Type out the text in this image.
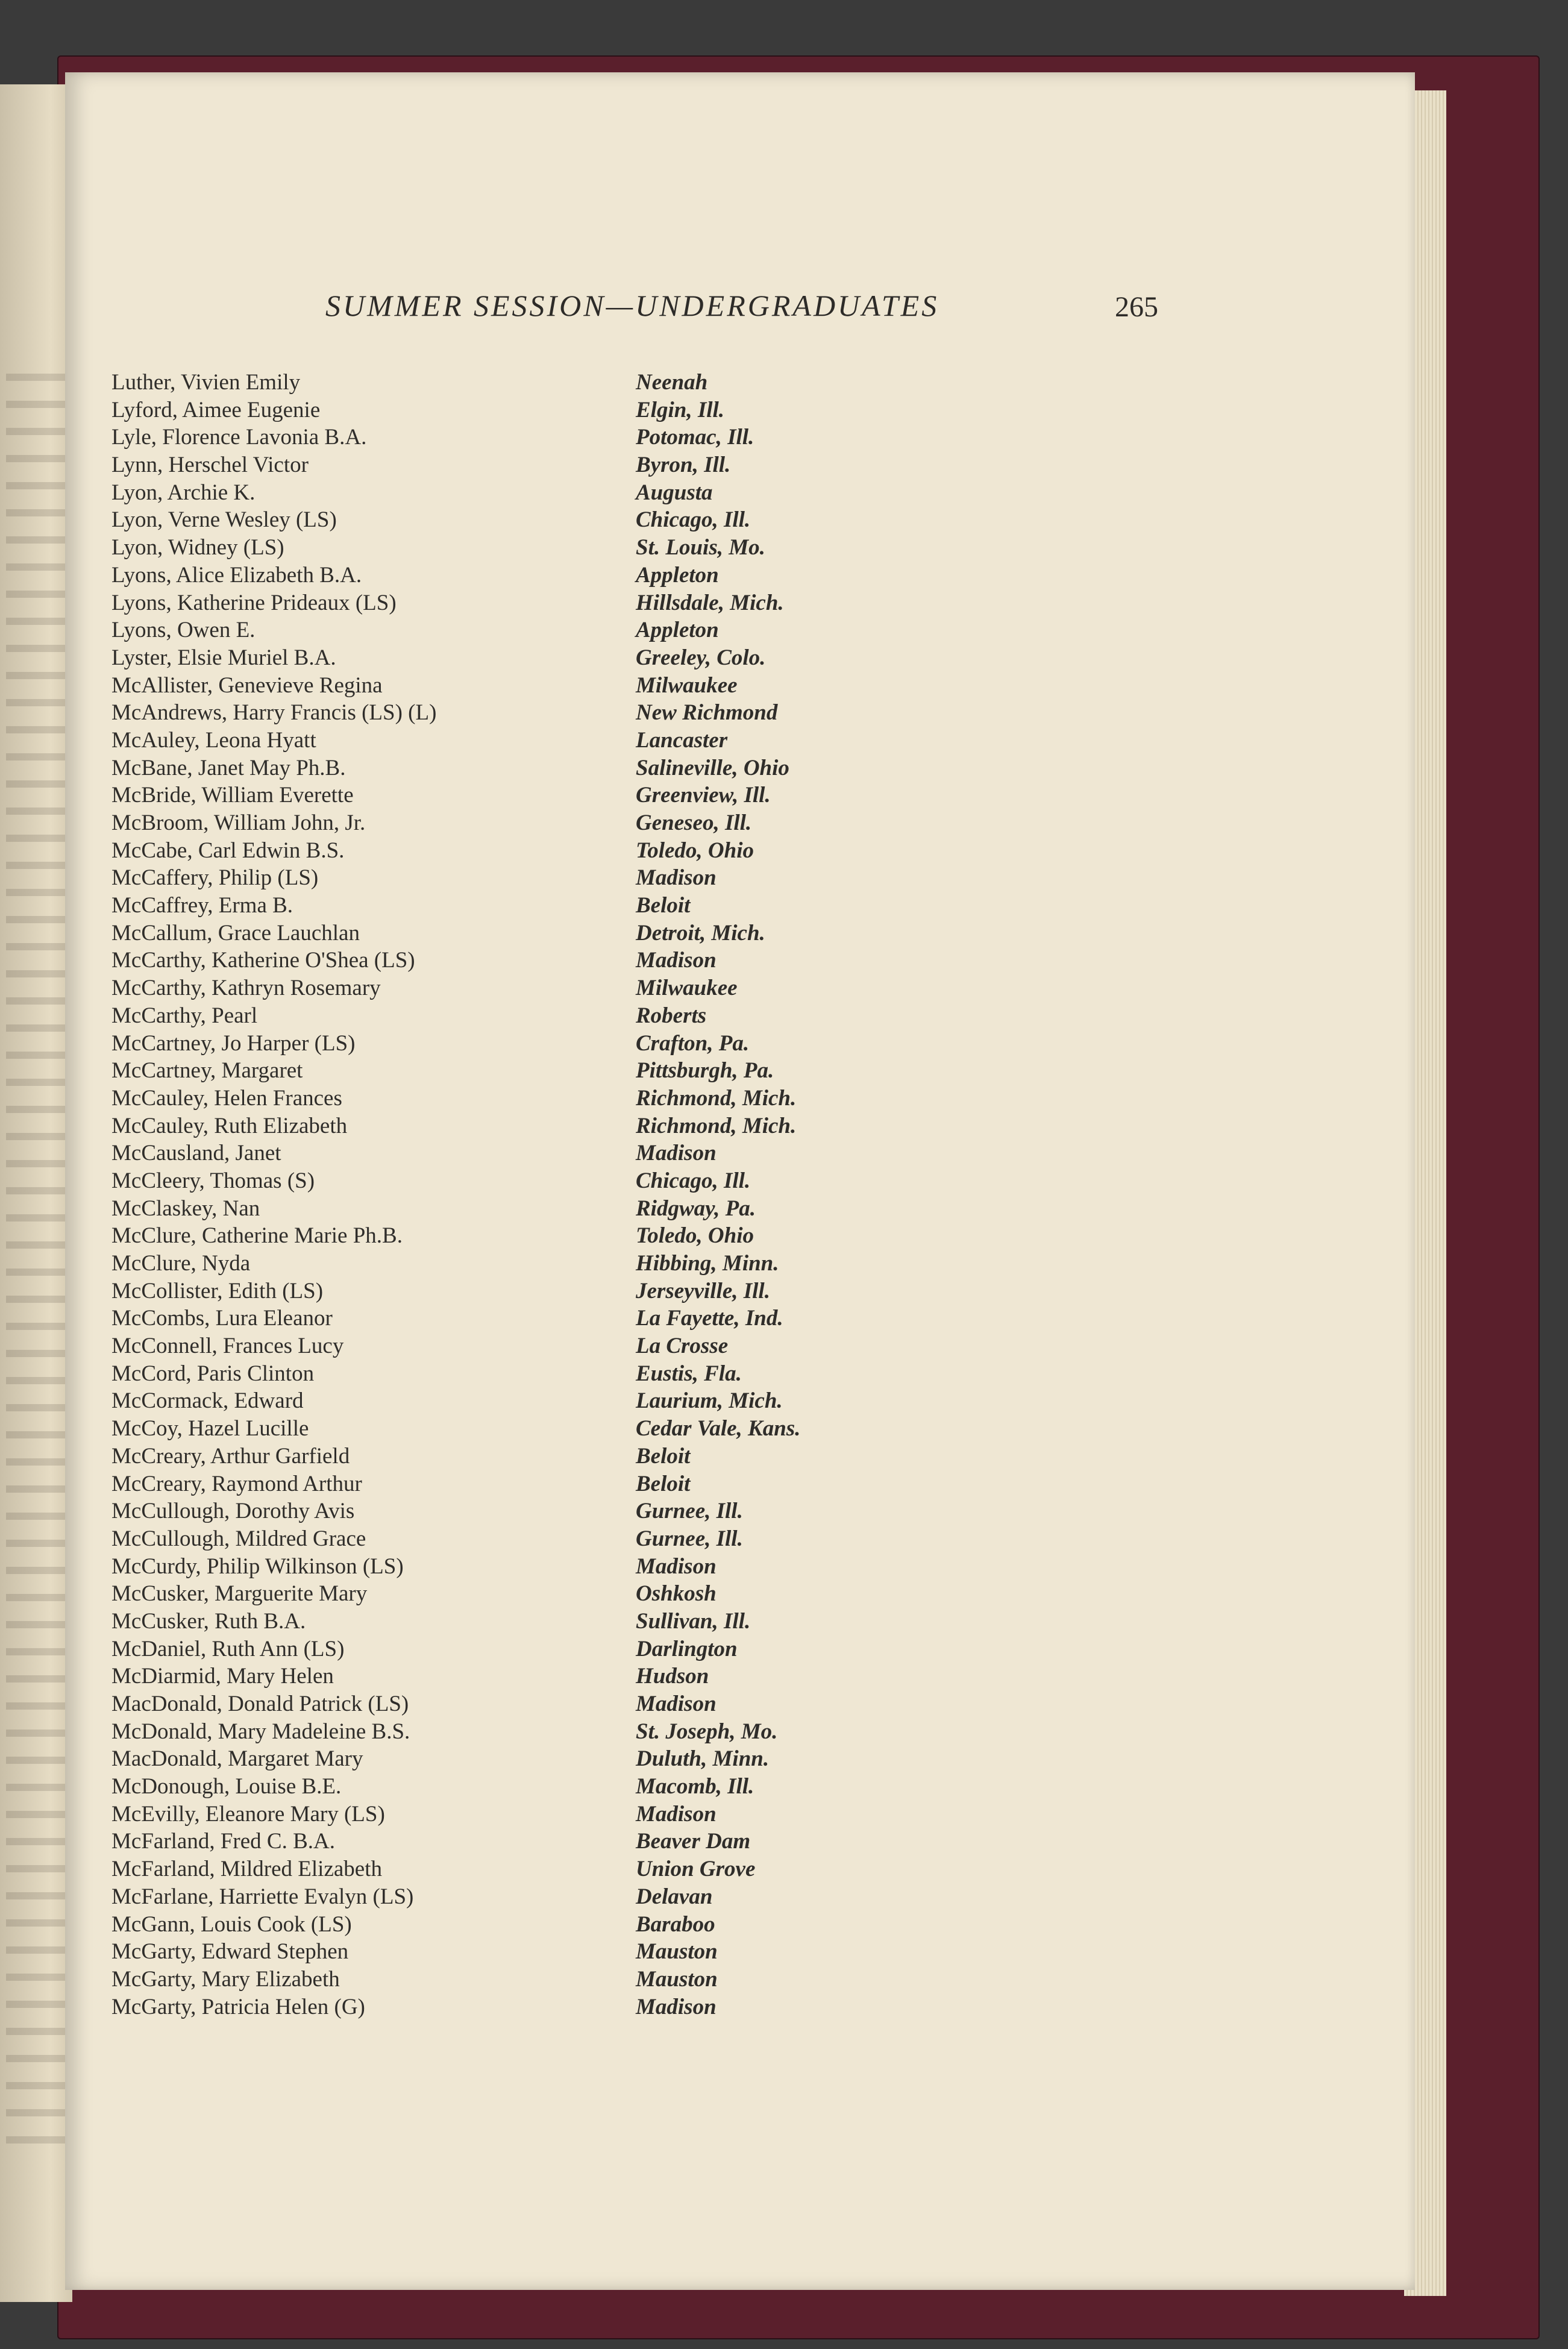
SUMMER SESSION—UNDERGRADUATES	265
Luther, Vivien Emily	Neenah
Lyford, Aimee Eugenie	Elgin, Ill.
Lyle, Florence Lavonia B.A.	Potomac, Ill.
Lynn, Herschel Victor	Byron, Ill.
Lyon, Archie K.	Augusta
Lyon, Verne Wesley (LS)	Chicago, Ill.
Lyon, Widney (LS)	St. Louis, Mo.
Lyons, Alice Elizabeth B.A.	Appleton
Lyons, Katherine Prideaux (LS)	Hillsdale, Mich.
Lyons, Owen E.	Appleton
Lyster, Elsie Muriel B.A.	Greeley, Colo.
McAllister, Genevieve Regina	Milwaukee
McAndrews, Harry Francis (LS) (L)	New Richmond
McAuley, Leona Hyatt	Lancaster
McBane, Janet May Ph.B.	Salineville, Ohio
McBride, William Everette	Greenview, Ill.
McBroom, William John, Jr.	Geneseo, Ill.
McCabe, Carl Edwin B.S.	Toledo, Ohio
McCaffery, Philip (LS)	Madison
McCaffrey, Erma B.	Beloit
McCallum, Grace Lauchlan	Detroit, Mich.
McCarthy, Katherine O'Shea (LS)	Madison
McCarthy, Kathryn Rosemary	Milwaukee
McCarthy, Pearl	Roberts
McCartney, Jo Harper (LS)	Crafton, Pa.
McCartney, Margaret	Pittsburgh, Pa.
McCauley, Helen Frances	Richmond, Mich.
McCauley, Ruth Elizabeth	Richmond, Mich.
McCausland, Janet	Madison
McCleery, Thomas (S)	Chicago, Ill.
McClaskey, Nan	Ridgway, Pa.
McClure, Catherine Marie Ph.B.	Toledo, Ohio
McClure, Nyda	Hibbing, Minn.
McCollister, Edith (LS)	Jerseyville, Ill.
McCombs, Lura Eleanor	La Fayette, Ind.
McConnell, Frances Lucy	La Crosse
McCord, Paris Clinton	Eustis, Fla.
McCormack, Edward	Laurium, Mich.
McCoy, Hazel Lucille	Cedar Vale, Kans.
McCreary, Arthur Garfield	Beloit
McCreary, Raymond Arthur	Beloit
McCullough, Dorothy Avis	Gurnee, Ill.
McCullough, Mildred Grace	Gurnee, Ill.
McCurdy, Philip Wilkinson (LS)	Madison
McCusker, Marguerite Mary	Oshkosh
McCusker, Ruth B.A.	Sullivan, Ill.
McDaniel, Ruth Ann (LS)	Darlington
McDiarmid, Mary Helen	Hudson
MacDonald, Donald Patrick (LS)	Madison
McDonald, Mary Madeleine B.S.	St. Joseph, Mo.
MacDonald, Margaret Mary	Duluth, Minn.
McDonough, Louise B.E.	Macomb, Ill.
McEvilly, Eleanore Mary (LS)	Madison
McFarland, Fred C. B.A.	Beaver Dam
McFarland, Mildred Elizabeth	Union Grove
McFarlane, Harriette Evalyn (LS)	Delavan
McGann, Louis Cook (LS)	Baraboo
McGarty, Edward Stephen	Mauston
McGarty, Mary Elizabeth	Mauston
McGarty, Patricia Helen (G)	Madison
